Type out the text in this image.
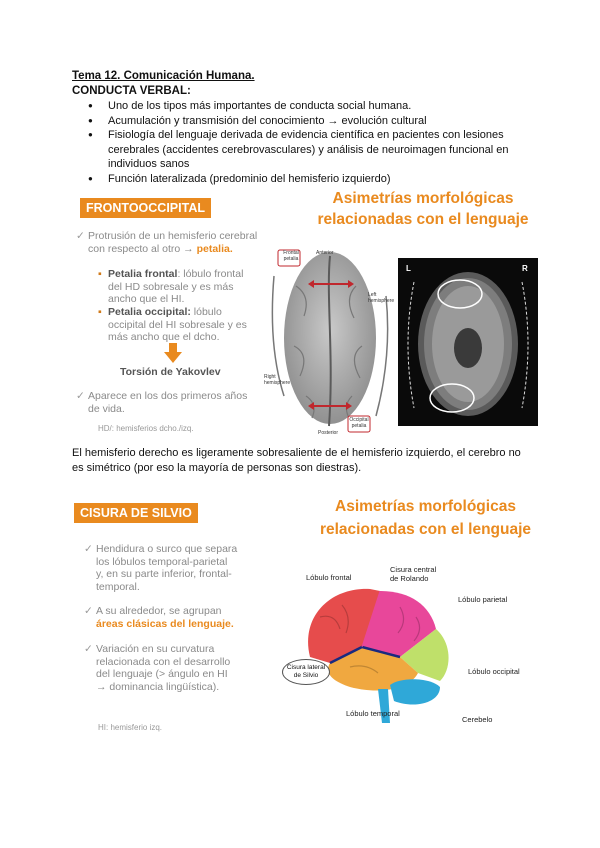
Tema 12. Comunicación Humana.
CONDUCTA VERBAL:
● Uno de los tipos más importantes de conducta social humana.
● Acumulación y transmisión del conocimiento → evolución cultural
● Fisiología del lenguaje derivada de evidencia científica en pacientes con lesiones cerebrales (accidentes cerebrovasculares) y análisis de neuroimagen funcional en individuos sanos
● Función lateralizada (predominio del hemisferio izquierdo)
FRONTOOCCIPITAL
Asimetrías morfológicas
relacionadas con el lenguaje
✓ Protrusión de un hemisferio cerebral
con respecto al otro → petalia.
▪ Petalia frontal: lóbulo frontal
del HD sobresale y es más
ancho que el HI.
▪ Petalia occipital: lóbulo
occipital del HI sobresale y es
más ancho que el dcho.
Torsión de Yakovlev
✓ Aparece en los dos primeros años
de vida.
HD/: hemisferios dcho./izq.
Frontal petalia
Anterior
Left hemisphere
Right hemisphere
Posterior
Occipital petalia
L	R
El hemisferio derecho es ligeramente sobresaliente de el hemisferio izquierdo, el cerebro no es simétrico (por eso la mayoría de personas son diestras).
CISURA DE SILVIO	Asimetrías morfológicas
relacionadas con el lenguaje
✓ Hendidura o surco que separa
los lóbulos temporal-parietal
y, en su parte inferior, frontal-
temporal.
✓ A su alrededor, se agrupan
áreas clásicas del lenguaje.
✓ Variación en su curvatura
relacionada con el desarrollo
del lenguaje (> ángulo en HI
→ dominancia lingüística).
HI: hemisferio izq.
Lóbulo frontal
Cisura central
de Rolando
Lóbulo parietal
Cisura lateral
de Silvio	Lóbulo occipital
Lóbulo temporal
Cerebelo
